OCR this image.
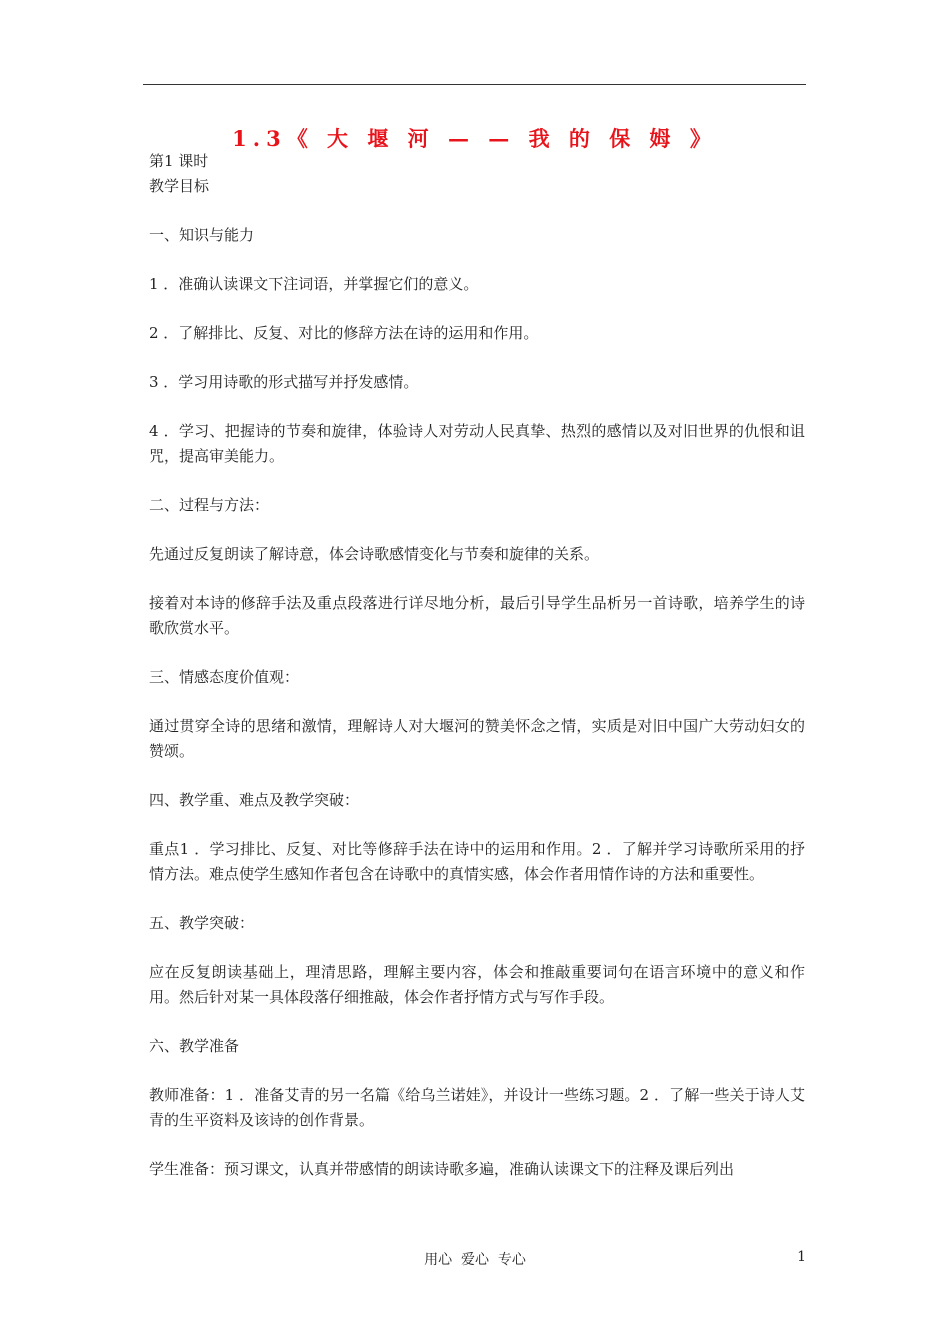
1.3《 大 堰 河 — — 我 的 保 姆 》

第1 课时

教学目标

一、知识与能力

1 ．准确认读课文下注词语，并掌握它们的意义。

2 ．了解排比、反复、对比的修辞方法在诗的运用和作用。

3 ．学习用诗歌的形式描写并抒发感情。

4 ．学习、把握诗的节奏和旋律，体验诗人对劳动人民真挚、热烈的感情以及对旧世界的仇恨和诅咒，提高审美能力。

二、过程与方法：

先通过反复朗读了解诗意，体会诗歌感情变化与节奏和旋律的关系。

接着对本诗的修辞手法及重点段落进行详尽地分析，最后引导学生品析另一首诗歌，培养学生的诗歌欣赏水平。

三、情感态度价值观：

通过贯穿全诗的思绪和激情，理解诗人对大堰河的赞美怀念之情，实质是对旧中国广大劳动妇女的赞颂。

四、教学重、难点及教学突破：

重点1 ．学习排比、反复、对比等修辞手法在诗中的运用和作用。2 ．了解并学习诗歌所采用的抒情方法。难点使学生感知作者包含在诗歌中的真情实感，体会作者用情作诗的方法和重要性。

五、教学突破：

应在反复朗读基础上，理清思路，理解主要内容，体会和推敲重要词句在语言环境中的意义和作用。然后针对某一具体段落仔细推敲，体会作者抒情方式与写作手段。

六、教学准备

教师准备：1 ．准备艾青的另一名篇《给乌兰诺娃》，并设计一些练习题。2 ．了解一些关于诗人艾青的生平资料及该诗的创作背景。

学生准备：预习课文，认真并带感情的朗读诗歌多遍，准确认读课文下的注释及课后列出

用心  爱心  专心	1
